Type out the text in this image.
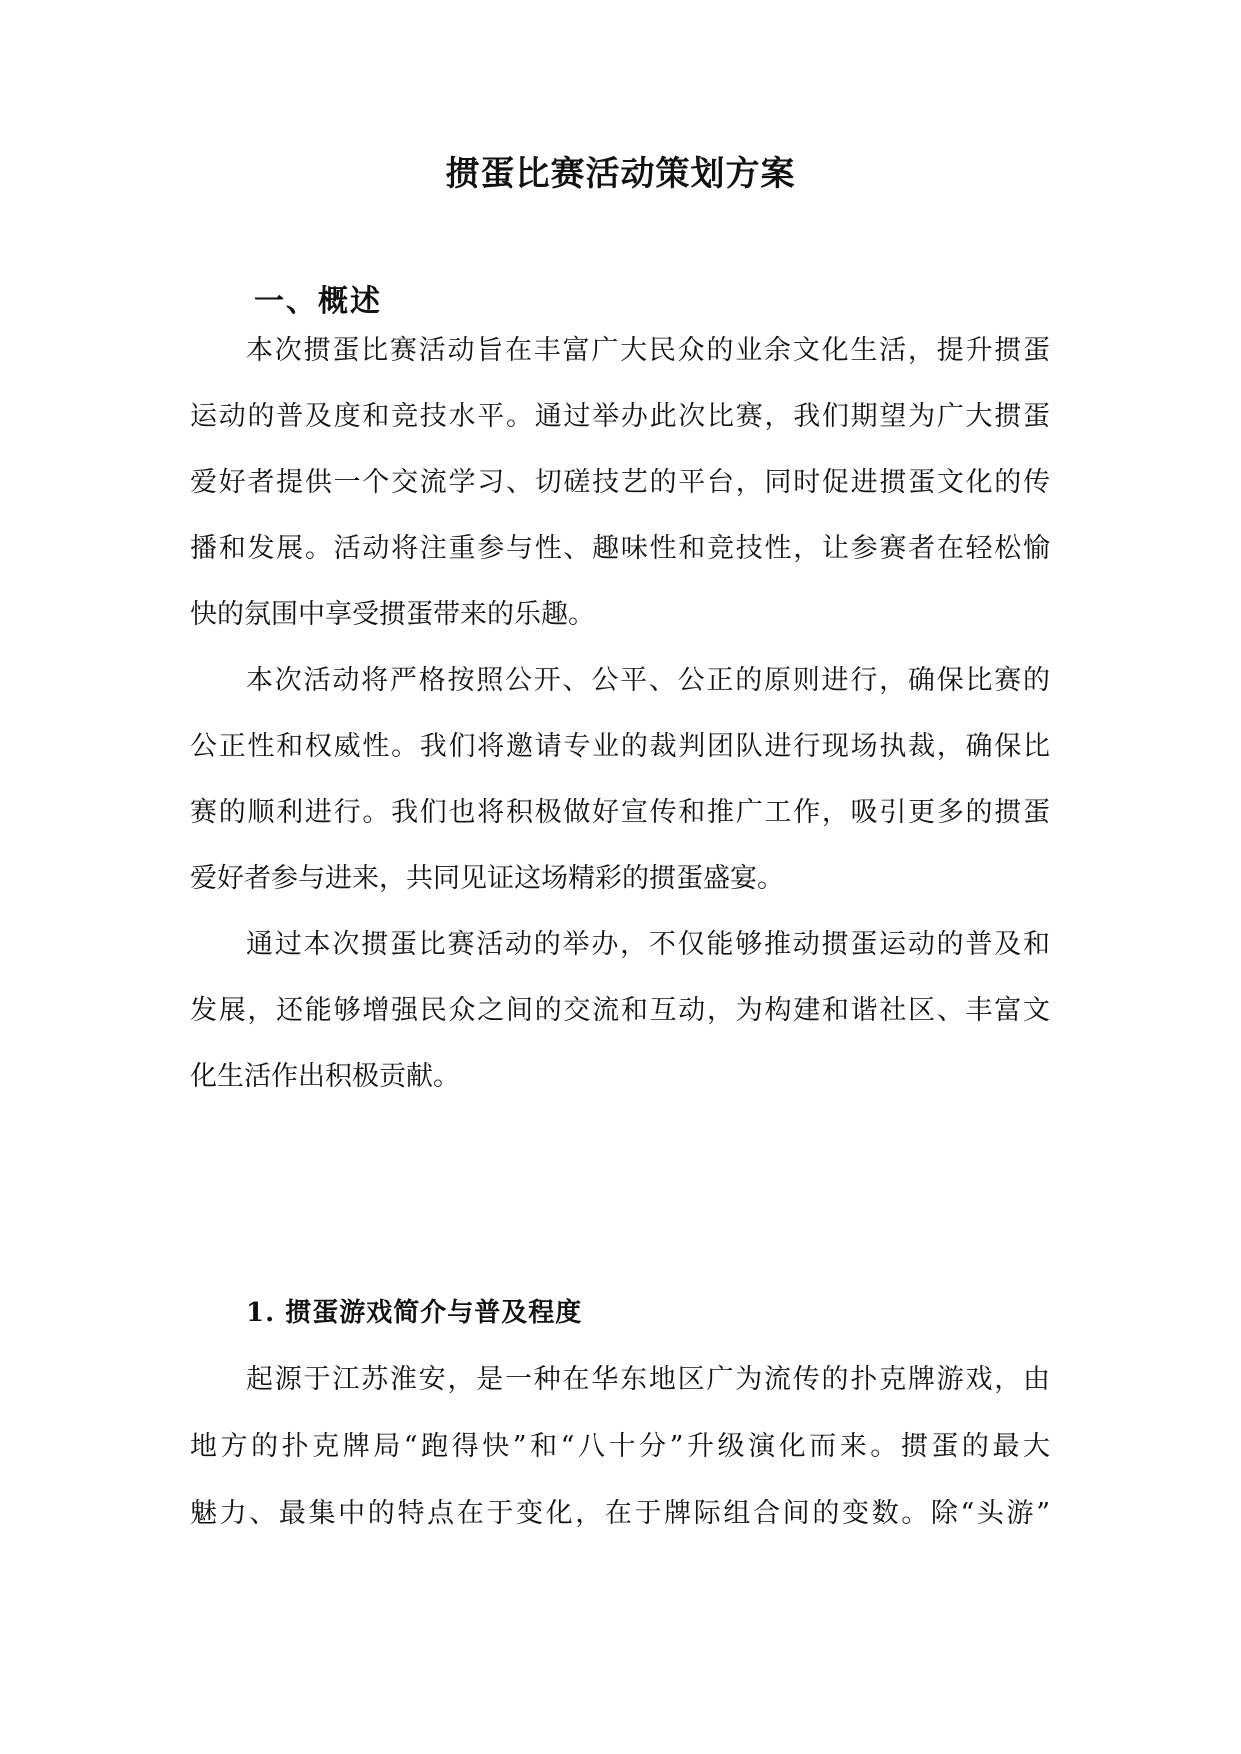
掼蛋比赛活动策划方案
一、概述
本次掼蛋比赛活动旨在丰富广大民众的业余文化生活，提升掼蛋
运动的普及度和竞技水平。通过举办此次比赛，我们期望为广大掼蛋
爱好者提供一个交流学习、切磋技艺的平台，同时促进掼蛋文化的传
播和发展。活动将注重参与性、趣味性和竞技性，让参赛者在轻松愉
快的氛围中享受掼蛋带来的乐趣。
本次活动将严格按照公开、公平、公正的原则进行，确保比赛的
公正性和权威性。我们将邀请专业的裁判团队进行现场执裁，确保比
赛的顺利进行。我们也将积极做好宣传和推广工作，吸引更多的掼蛋
爱好者参与进来，共同见证这场精彩的掼蛋盛宴。
通过本次掼蛋比赛活动的举办，不仅能够推动掼蛋运动的普及和
发展，还能够增强民众之间的交流和互动，为构建和谐社区、丰富文
化生活作出积极贡献。
1. 掼蛋游戏简介与普及程度
起源于江苏淮安，是一种在华东地区广为流传的扑克牌游戏，由
地方的扑克牌局“跑得快”和“八十分”升级演化而来。掼蛋的最大
魅力、最集中的特点在于变化，在于牌际组合间的变数。除“头游”
